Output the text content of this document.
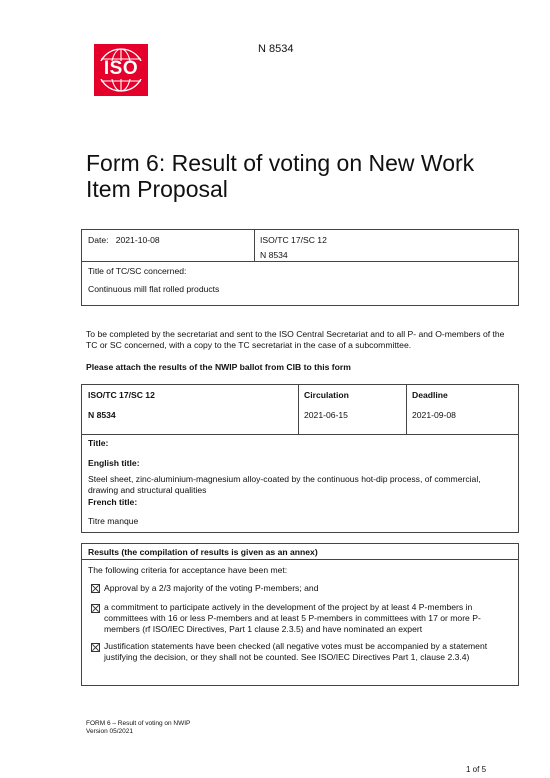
ISO
N 8534
Form 6: Result of voting on New Work
Item Proposal
Date: 2021-10-08	ISO/TC 17/SC 12
N 8534
Title of TC/SC concerned:
Continuous mill flat rolled products
To be completed by the secretariat and sent to the ISO Central Secretariat and to all P- and O-members of the TC or SC concerned, with a copy to the TC secretariat in the case of a subcommittee.
Please attach the results of the NWIP ballot from CIB to this form
ISO/TC 17/SC 12
N 8534
Circulation
2021-06-15
Deadline
2021-09-08
Title:
English title:
Steel sheet, zinc-aluminium-magnesium alloy-coated by the continuous hot-dip process, of commercial, drawing and structural qualities
French title:
Titre manque
Results (the compilation of results is given as an annex)
The following criteria for acceptance have been met:
Approval by a 2/3 majority of the voting P-members; and
a commitment to participate actively in the development of the project by at least 4 P-members in
committees with 16 or less P-members and at least 5 P-members in committees with 17 or more P-
members (rf ISO/IEC Directives, Part 1 clause 2.3.5) and have nominated an expert
Justification statements have been checked (all negative votes must be accompanied by a statement
justifying the decision, or they shall not be counted. See ISO/IEC Directives Part 1, clause 2.3.4)
FORM 6 – Result of voting on NWIP
Version 05/2021
1 of 5
